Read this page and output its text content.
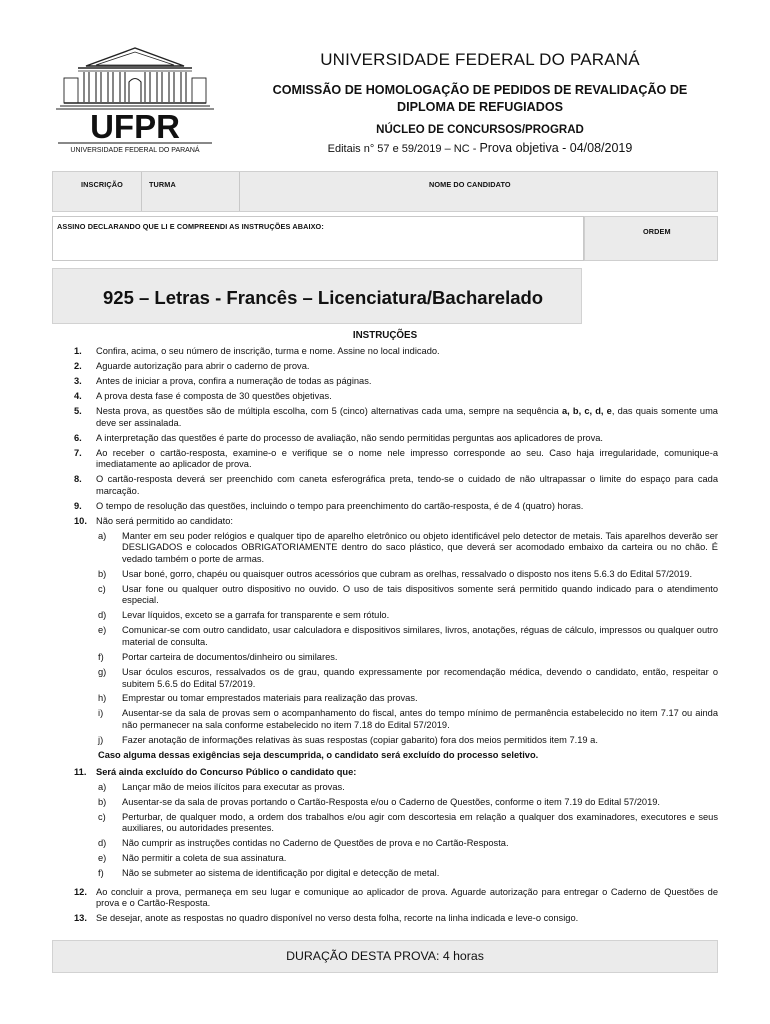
UFPR
UNIVERSIDADE FEDERAL DO PARANÁ
UNIVERSIDADE FEDERAL DO PARANÁ
COMISSÃO DE HOMOLOGAÇÃO DE PEDIDOS DE REVALIDAÇÃO DE
DIPLOMA DE REFUGIADOS
NÚCLEO DE CONCURSOS/PROGRAD
Editais n° 57 e 59/2019 – NC - Prova objetiva - 04/08/2019
INSCRIÇÃO	TURMA	NOME DO CANDIDATO
ASSINO DECLARANDO QUE LI E COMPREENDI AS INSTRUÇÕES ABAIXO:
ORDEM
925 – Letras - Francês – Licenciatura/Bacharelado
INSTRUÇÕES
1.	Confira, acima, o seu número de inscrição, turma e nome. Assine no local indicado.
2.	Aguarde autorização para abrir o caderno de prova.
3.	Antes de iniciar a prova, confira a numeração de todas as páginas.
4.	A prova desta fase é composta de 30 questões objetivas.
5.	Nesta prova, as questões são de múltipla escolha, com 5 (cinco) alternativas cada uma, sempre na sequência a, b, c, d, e, das quais somente uma deve ser assinalada.
6.	A interpretação das questões é parte do processo de avaliação, não sendo permitidas perguntas aos aplicadores de prova.
7.	Ao receber o cartão-resposta, examine-o e verifique se o nome nele impresso corresponde ao seu. Caso haja irregularidade, comunique-a imediatamente ao aplicador de prova.
8.	O cartão-resposta deverá ser preenchido com caneta esferográfica preta, tendo-se o cuidado de não ultrapassar o limite do espaço para cada marcação.
9.	O tempo de resolução das questões, incluindo o tempo para preenchimento do cartão-resposta, é de 4 (quatro) horas.
10. Não será permitido ao candidato:
a)	Manter em seu poder relógios e qualquer tipo de aparelho eletrônico ou objeto identificável pelo detector de metais. Tais aparelhos deverão ser DESLIGADOS e colocados OBRIGATORIAMENTE dentro do saco plástico, que deverá ser acomodado embaixo da carteira ou no chão. É vedado também o porte de armas.
b)	Usar boné, gorro, chapéu ou quaisquer outros acessórios que cubram as orelhas, ressalvado o disposto nos itens 5.6.3 do Edital 57/2019.
c)	Usar fone ou qualquer outro dispositivo no ouvido. O uso de tais dispositivos somente será permitido quando indicado para o atendimento especial.
d)	Levar líquidos, exceto se a garrafa for transparente e sem rótulo.
e)	Comunicar-se com outro candidato, usar calculadora e dispositivos similares, livros, anotações, réguas de cálculo, impressos ou qualquer outro material de consulta.
f)	Portar carteira de documentos/dinheiro ou similares.
g)	Usar óculos escuros, ressalvados os de grau, quando expressamente por recomendação médica, devendo o candidato, então, respeitar o subitem 5.6.5 do Edital 57/2019.
h)	Emprestar ou tomar emprestados materiais para realização das provas.
i)	Ausentar-se da sala de provas sem o acompanhamento do fiscal, antes do tempo mínimo de permanência estabelecido no item 7.17 ou ainda não permanecer na sala conforme estabelecido no item 7.18 do Edital 57/2019.
j)	Fazer anotação de informações relativas às suas respostas (copiar gabarito) fora dos meios permitidos item 7.19 a.
Caso alguma dessas exigências seja descumprida, o candidato será excluído do processo seletivo.
11.	Será ainda excluído do Concurso Público o candidato que:
a)	Lançar mão de meios ilícitos para executar as provas.
b)	Ausentar-se da sala de provas portando o Cartão-Resposta e/ou o Caderno de Questões, conforme o item 7.19 do Edital 57/2019.
c)	Perturbar, de qualquer modo, a ordem dos trabalhos e/ou agir com descortesia em relação a qualquer dos examinadores, executores e seus auxiliares, ou autoridades presentes.
d)	Não cumprir as instruções contidas no Caderno de Questões de prova e no Cartão-Resposta.
e)	Não permitir a coleta de sua assinatura.
f)	Não se submeter ao sistema de identificação por digital e detecção de metal.
12. Ao concluir a prova, permaneça em seu lugar e comunique ao aplicador de prova. Aguarde autorização para entregar o Caderno de Questões de prova e o Cartão-Resposta.
13. Se desejar, anote as respostas no quadro disponível no verso desta folha, recorte na linha indicada e leve-o consigo.
DURAÇÃO DESTA PROVA: 4 horas
